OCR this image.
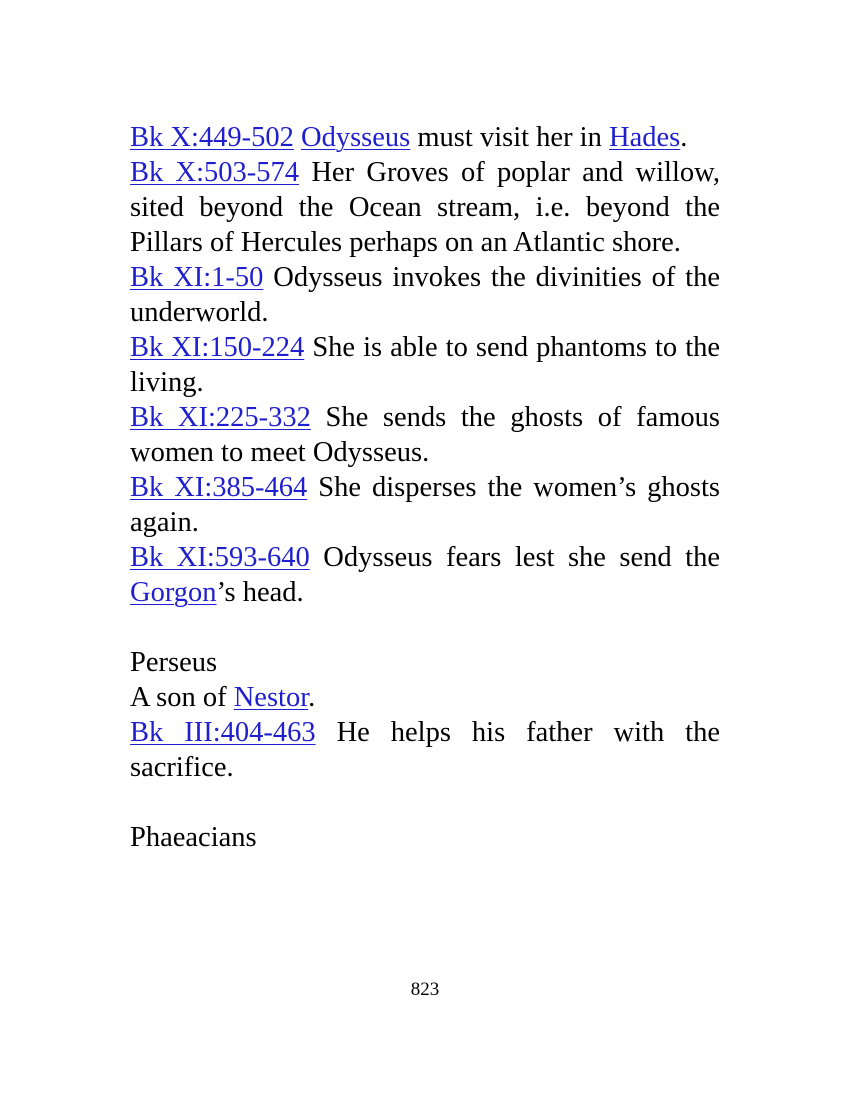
Bk X:449-502 Odysseus must visit her in Hades.

Bk X:503-574 Her Groves of poplar and willow, sited beyond the Ocean stream, i.e. beyond the Pillars of Hercules perhaps on an Atlantic shore.

Bk XI:1-50 Odysseus invokes the divinities of the underworld.

Bk XI:150-224 She is able to send phantoms to the living.

Bk XI:225-332 She sends the ghosts of famous women to meet Odysseus.

Bk XI:385-464 She disperses the women’s ghosts again.

Bk XI:593-640 Odysseus fears lest she send the Gorgon’s head.

Perseus

A son of Nestor.

Bk III:404-463 He helps his father with the sacrifice.

Phaeacians

823
